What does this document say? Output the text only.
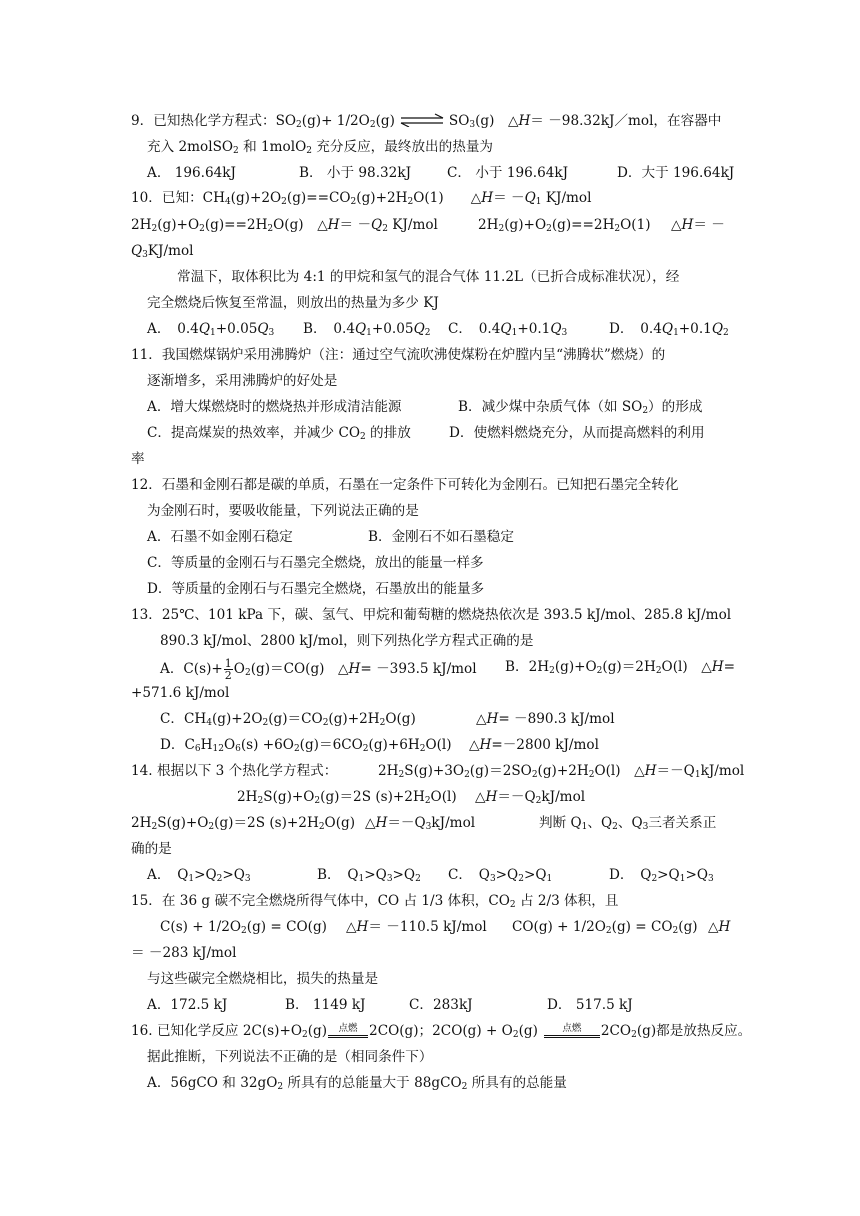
9．已知热化学方程式：$SO_2(g)+ 1/2O_2(g)$ ⇌ $SO_3(g)$　△H＝ －98.32kJ／mol，在容器中
充入 2molSO$_2$ 和 1molO$_2$ 充分反应，最终放出的热量为
A． 196.64kJ	B． 小于 98.32kJ	C． 小于 196.64kJ	D．大于 196.64kJ
10．已知：$CH_4(g)+2O_2(g)==CO_2(g)+2H_2O(1)$　　△H＝ $-Q_1$ KJ/mol
$2H_2(g)+O_2(g)==2H_2O(g)$　△H＝ $-Q_2$ KJ/mol	$2H_2(g)+O_2(g)==2H_2O(1)$ △H＝ －
$Q_3KJ$/mol
常温下，取体积比为 4:1 的甲烷和氢气的混合气体 11.2L（已折合成标准状况），经
完全燃烧后恢复至常温，则放出的热量为多少 KJ
A．　$0.4Q_1+0.05Q_3$ B．　$0.4Q_1+0.05Q_2$ C．　$0.4Q_1+0.1Q_3$	D．　$0.4Q_1+0.1Q_2$
11．我国燃煤锅炉采用沸腾炉（注：通过空气流吹沸使煤粉在炉膛内呈“沸腾状”燃烧）的
逐渐增多，采用沸腾炉的好处是
A．增大煤燃烧时的燃烧热并形成清洁能源	B．减少煤中杂质气体（如 $SO_2$）的形成
C．提高煤炭的热效率，并减少 $CO_2$ 的排放	D．使燃料燃烧充分，从而提高燃料的利用
率
12．石墨和金刚石都是碳的单质，石墨在一定条件下可转化为金刚石。已知把石墨完全转化
为金刚石时，要吸收能量，下列说法正确的是
A．石墨不如金刚石稳定	B．金刚石不如石墨稳定
C．等质量的金刚石与石墨完全燃烧，放出的能量一样多
D．等质量的金刚石与石墨完全燃烧，石墨放出的能量多
13．25℃、101 kPa 下，碳、氢气、甲烷和葡萄糖的燃烧热依次是 393.5 kJ/mol、285.8 kJ/mol
890.3 kJ/mol、2800 kJ/mol，则下列热化学方程式正确的是
A．$C(s)+ \frac{1}{2} O_2(g)=CO(g)$　△H= －393.5 kJ/mol B．$2H_2(g)+O_2(g)=2H_2O(l)$　△H=
+571.6 kJ/mol
C．$CH_4(g)+2O_2(g)=CO_2(g)+2H_2O(g)$	△H= －890.3 kJ/mol
D．$C_6H_{12}O_6(s) +6O_2(g)=6CO_2(g)+6H_2O(l)$ △H=－2800 kJ/mol
14. 根据以下 3 个热化学方程式：	$2H_2S(g)+3O_2(g)=2SO_2(g)+2H_2O(l)$　$\triangle H=-Q_1kJ$/mol
$2H_2S(g)+O_2(g)=2S$ $(s)+2H_2O(l)$ $\triangle H=-Q_2kJ$/mol
$2H_2S(g)+O_2(g)=2S$ $(s)+2H_2O(g)$ $\triangle H=-Q_3kJ$/mol	判断 $Q_1$、$Q_2$、$Q_3$三者关系正
确的是
A．　$Q_1>Q_2>Q_3$	B．　$Q_1>Q_3>Q_2$ C．　$Q_3>Q_2>Q_1$	D．　$Q_2>Q_1>Q_3$
15．在 36 g 碳不完全燃烧所得气体中，CO 占 1/3 体积，$CO_2$ 占 2/3 体积，且
$C(s) + 1/2O_2(g) = CO(g)$ △H＝ －110.5 kJ/mol $CO(g) + 1/2O_2(g) = CO_2(g)$ △H
＝ －283 kJ/mol
与这些碳完全燃烧相比，损失的热量是
A．172.5 kJ	B． 1149 kJ	C．283kJ	D． 517.5 kJ
16. 已知化学反应 $2C(s)+O_2(g)$	点燃 2CO(g)；$2CO(g) + O_2(g)$	点燃	$2CO_2(g)$都是放热反应。
据此推断，下列说法不正确的是（相同条件下）
A．56gCO 和 $32gO_2$ 所具有的总能量大于 88gCO$_2$ 所具有的总能量
